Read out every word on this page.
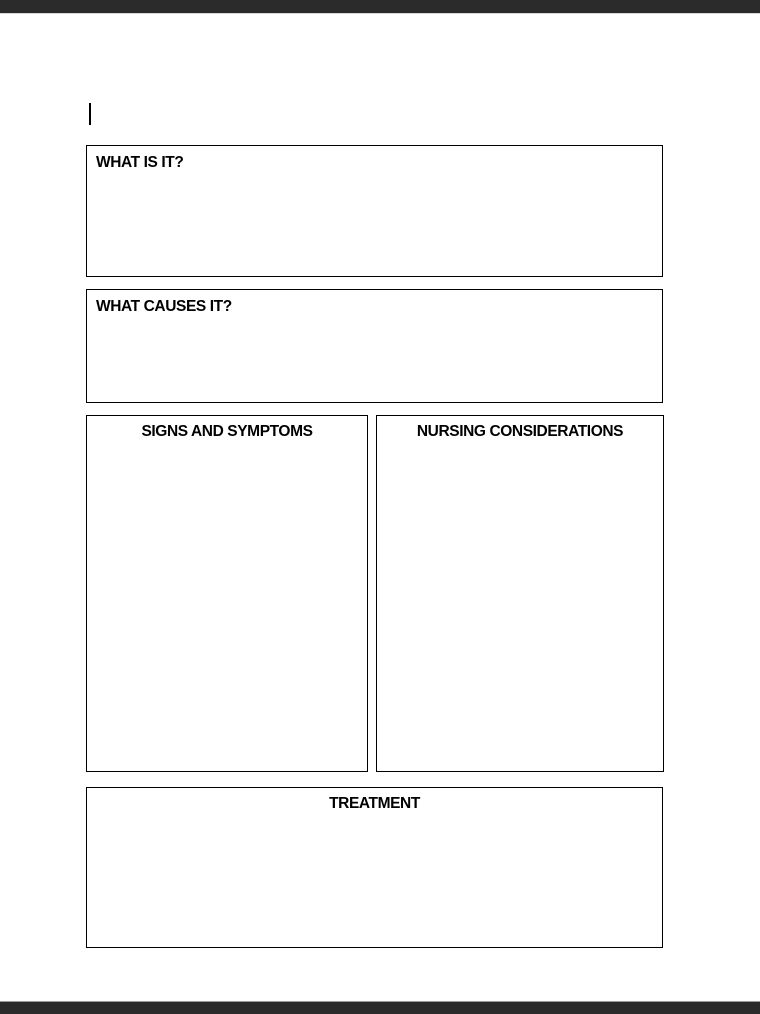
WHAT IS IT?
WHAT CAUSES IT?
SIGNS AND SYMPTOMS	NURSING CONSIDERATIONS
TREATMENT
